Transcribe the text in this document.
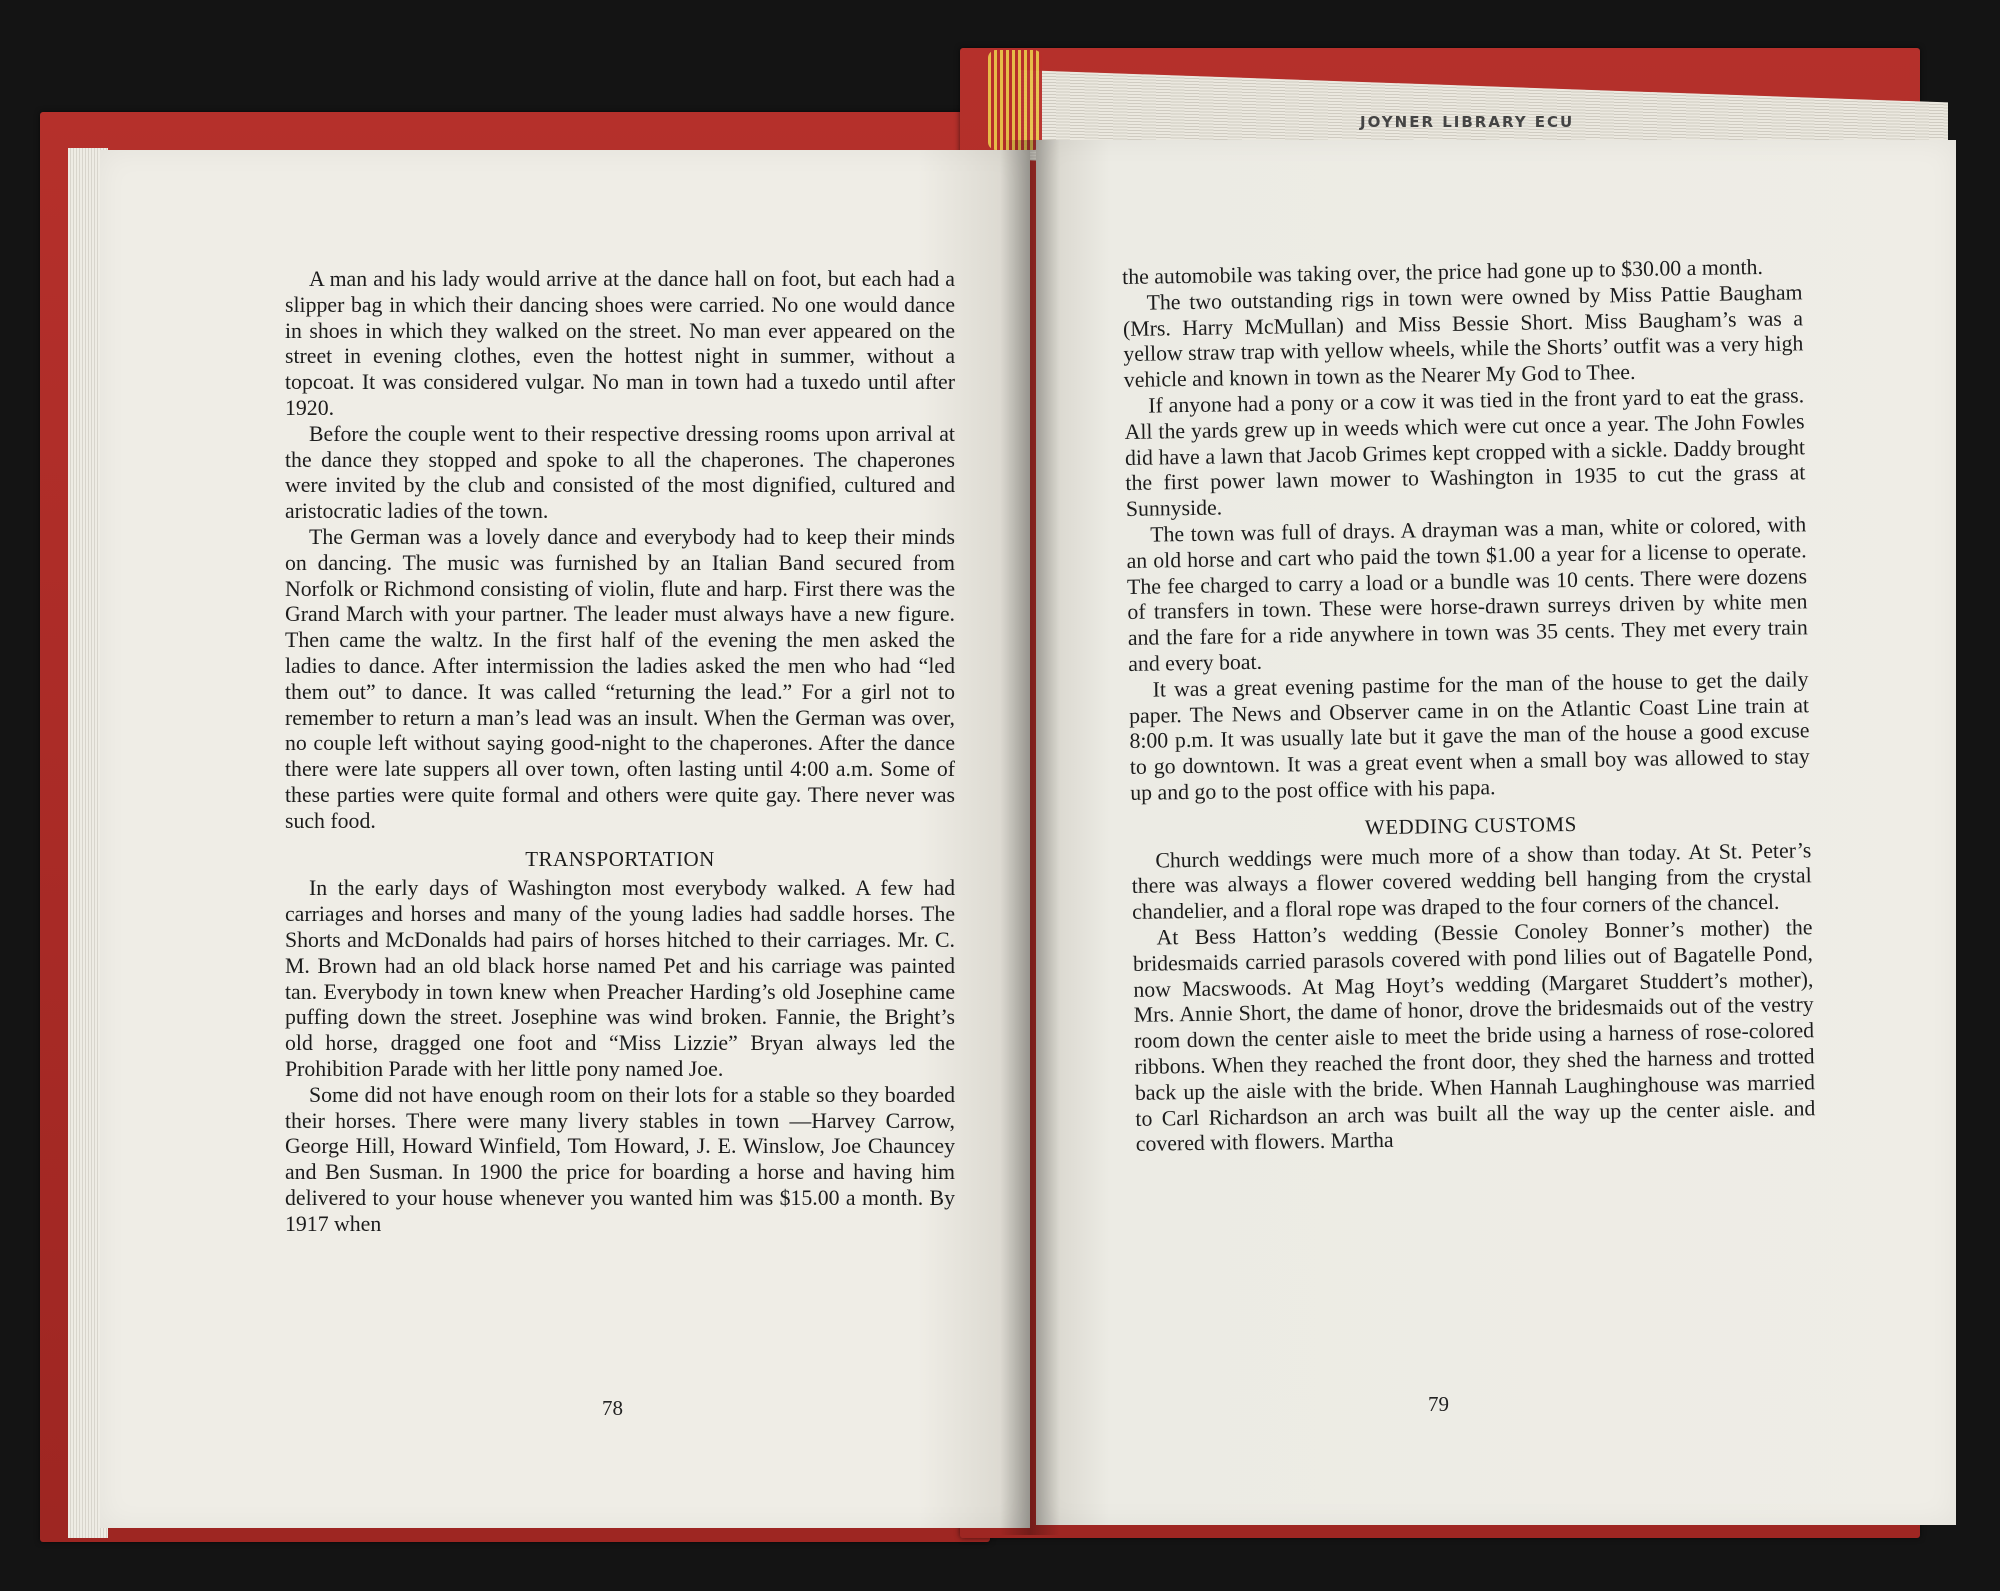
JOYNER LIBRARY ECU

A man and his lady would arrive at the dance hall on foot, but each had a slipper bag in which their dancing shoes were carried. No one would dance in shoes in which they walked on the street. No man ever appeared on the street in evening clothes, even the hottest night in summer, without a topcoat. It was considered vulgar. No man in town had a tuxedo until after 1920.

Before the couple went to their respective dressing rooms upon arrival at the dance they stopped and spoke to all the chaperones. The chaperones were invited by the club and consisted of the most dignified, cultured and aristocratic ladies of the town.

The German was a lovely dance and everybody had to keep their minds on dancing. The music was furnished by an Italian Band secured from Norfolk or Richmond consisting of violin, flute and harp. First there was the Grand March with your partner. The leader must always have a new figure. Then came the waltz. In the first half of the evening the men asked the ladies to dance. After intermission the ladies asked the men who had “led them out” to dance. It was called “returning the lead.” For a girl not to remember to return a man’s lead was an insult. When the German was over, no couple left without saying good-night to the chaperones. After the dance there were late suppers all over town, often lasting until 4:00 a.m. Some of these parties were quite formal and others were quite gay. There never was such food.

TRANSPORTATION

In the early days of Washington most everybody walked. A few had carriages and horses and many of the young ladies had saddle horses. The Shorts and McDonalds had pairs of horses hitched to their carriages. Mr. C. M. Brown had an old black horse named Pet and his carriage was painted tan. Everybody in town knew when Preacher Harding’s old Josephine came puffing down the street. Josephine was wind broken. Fannie, the Bright’s old horse, dragged one foot and “Miss Lizzie” Bryan always led the Prohibition Parade with her little pony named Joe.

Some did not have enough room on their lots for a stable so they boarded their horses. There were many livery stables in town —Harvey Carrow, George Hill, Howard Winfield, Tom Howard, J. E. Winslow, Joe Chauncey and Ben Susman. In 1900 the price for boarding a horse and having him delivered to your house whenever you wanted him was $15.00 a month. By 1917 when

78

the automobile was taking over, the price had gone up to $30.00 a month.

The two outstanding rigs in town were owned by Miss Pattie Baugham (Mrs. Harry McMullan) and Miss Bessie Short. Miss Baugham’s was a yellow straw trap with yellow wheels, while the Shorts’ outfit was a very high vehicle and known in town as the Nearer My God to Thee.

If anyone had a pony or a cow it was tied in the front yard to eat the grass. All the yards grew up in weeds which were cut once a year. The John Fowles did have a lawn that Jacob Grimes kept cropped with a sickle. Daddy brought the first power lawn mower to Washington in 1935 to cut the grass at Sunnyside.

The town was full of drays. A drayman was a man, white or colored, with an old horse and cart who paid the town $1.00 a year for a license to operate. The fee charged to carry a load or a bundle was 10 cents. There were dozens of transfers in town. These were horse-drawn surreys driven by white men and the fare for a ride anywhere in town was 35 cents. They met every train and every boat.

It was a great evening pastime for the man of the house to get the daily paper. The News and Observer came in on the Atlantic Coast Line train at 8:00 p.m. It was usually late but it gave the man of the house a good excuse to go downtown. It was a great event when a small boy was allowed to stay up and go to the post office with his papa.

WEDDING CUSTOMS

Church weddings were much more of a show than today. At St. Peter’s there was always a flower covered wedding bell hanging from the crystal chandelier, and a floral rope was draped to the four corners of the chancel.

At Bess Hatton’s wedding (Bessie Conoley Bonner’s mother) the bridesmaids carried parasols covered with pond lilies out of Bagatelle Pond, now Macswoods. At Mag Hoyt’s wedding (Margaret Studdert’s mother), Mrs. Annie Short, the dame of honor, drove the bridesmaids out of the vestry room down the center aisle to meet the bride using a harness of rose-colored ribbons. When they reached the front door, they shed the harness and trotted back up the aisle with the bride. When Hannah Laughinghouse was married to Carl Richardson an arch was built all the way up the center aisle. and covered with flowers. Martha

79
